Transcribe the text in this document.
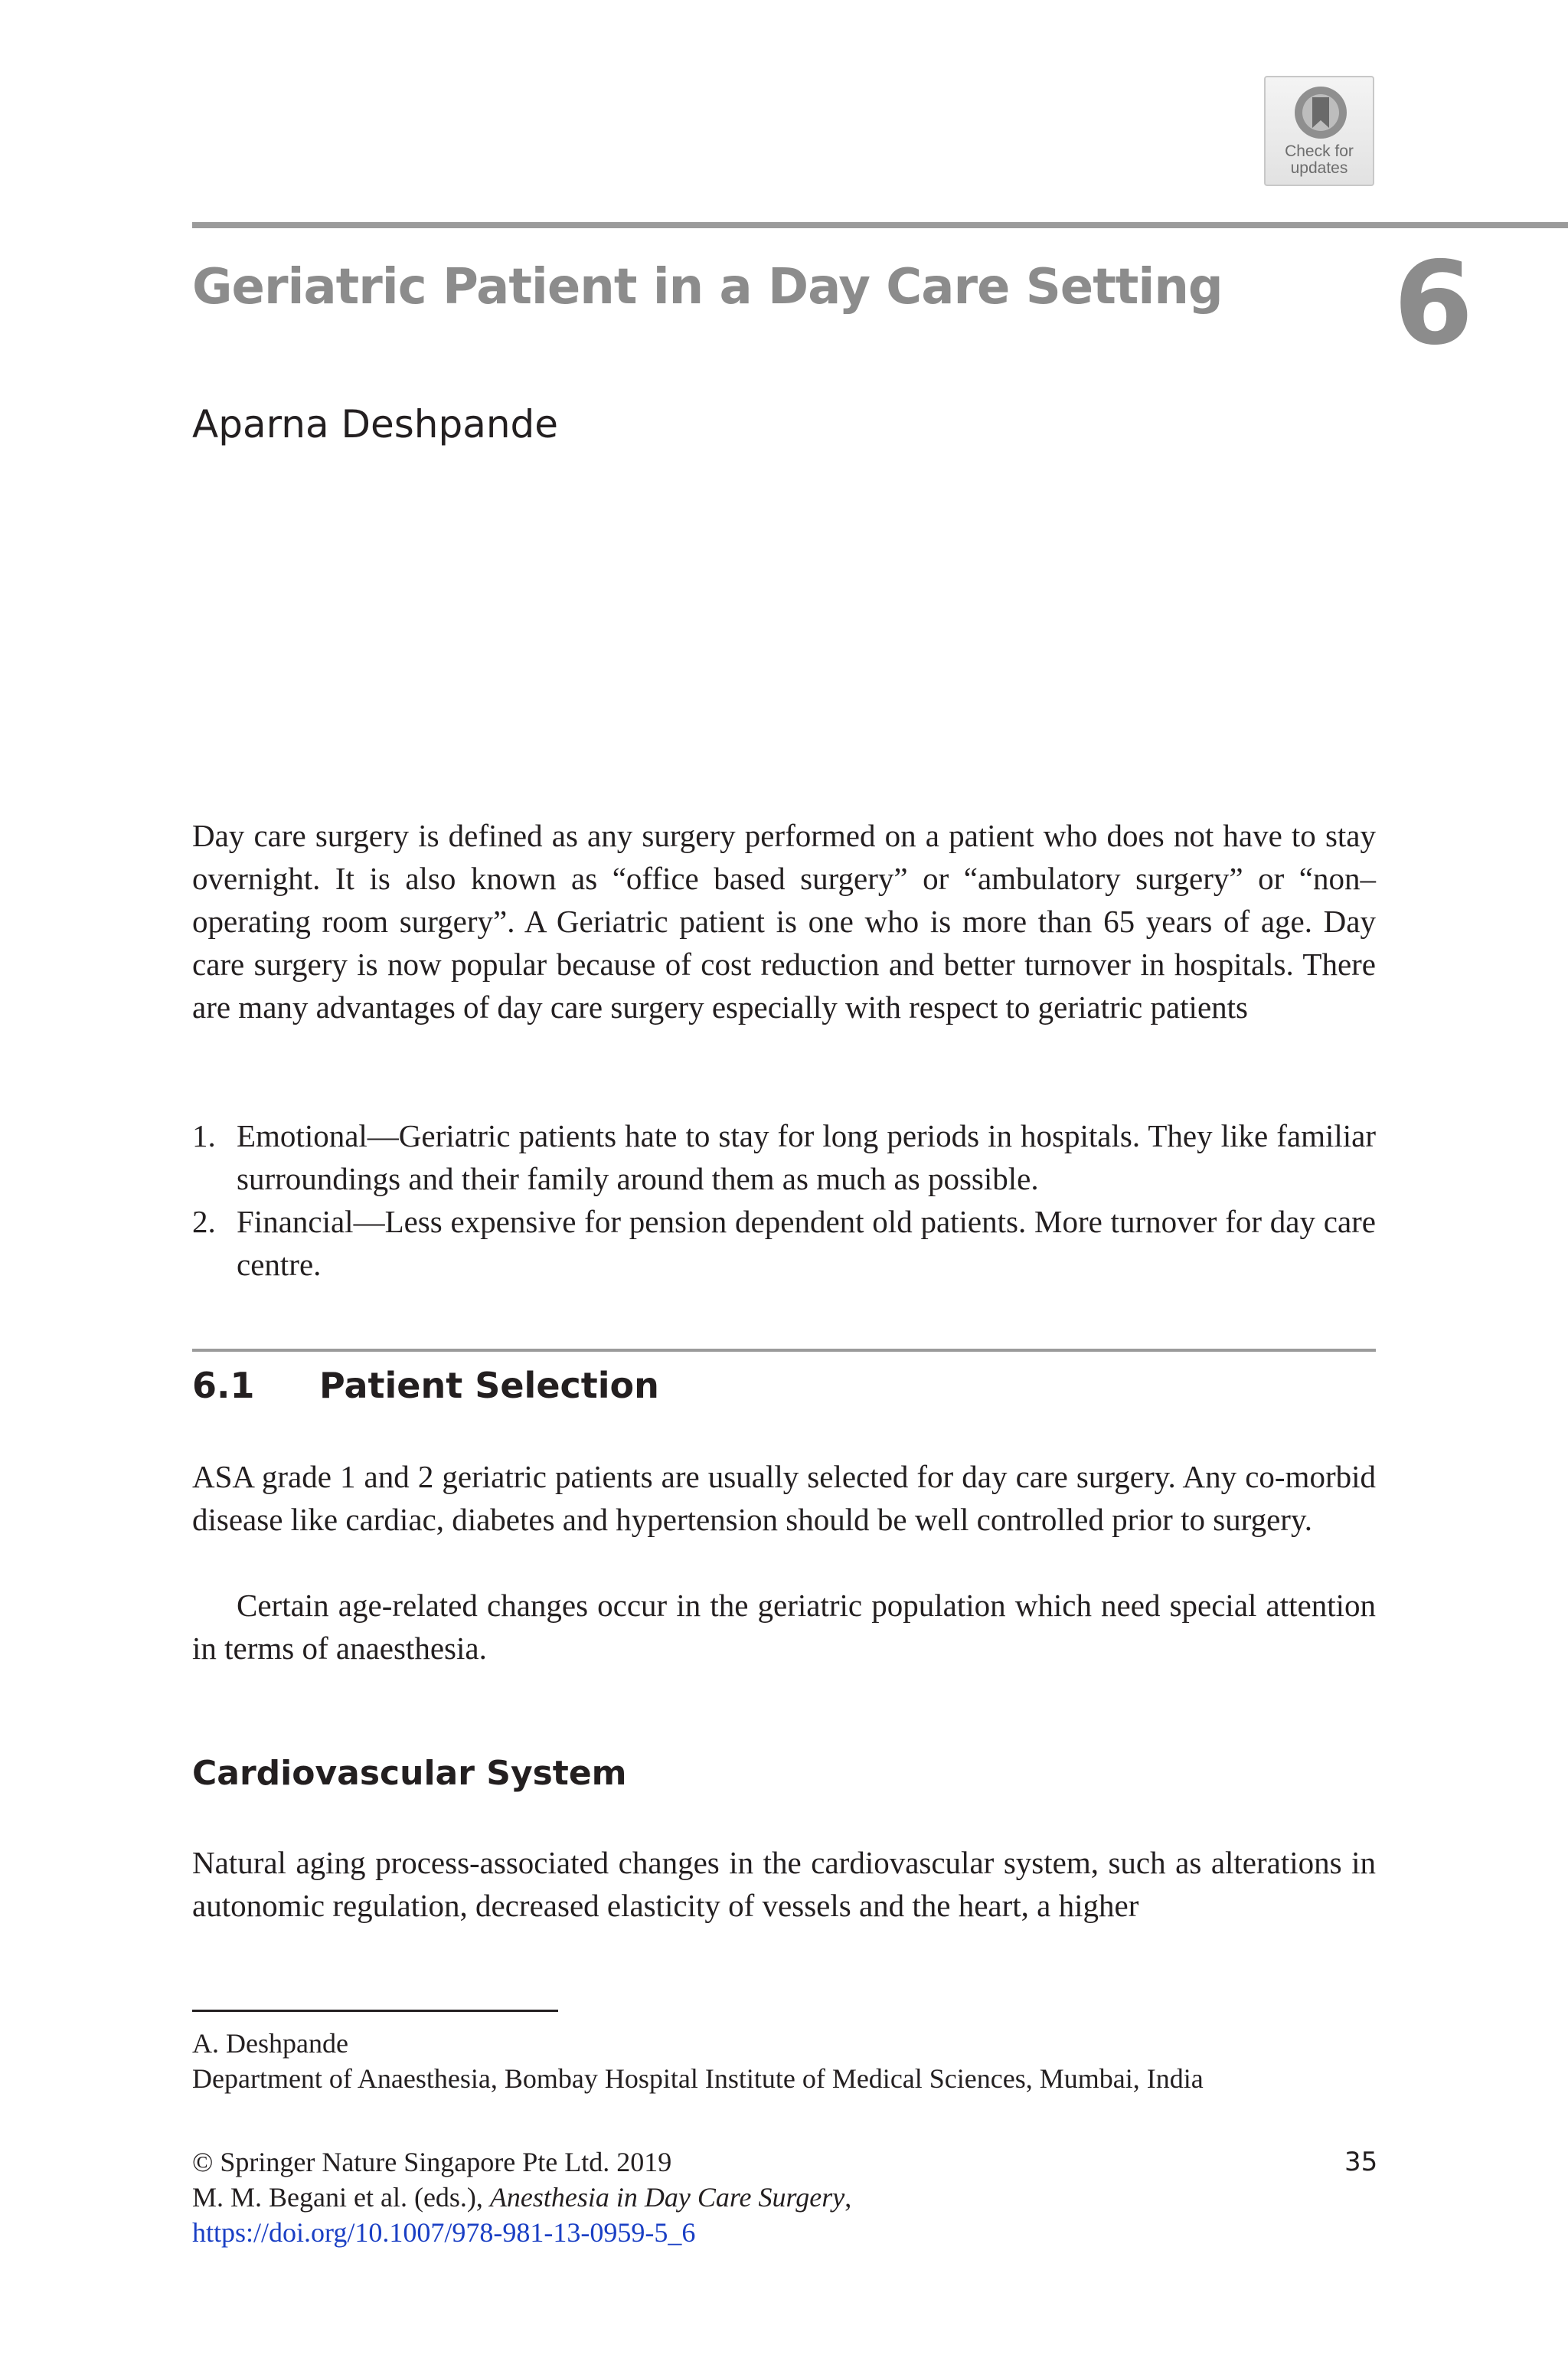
Check for
updates
Geriatric Patient in a Day Care Setting 6
Aparna Deshpande

Day care surgery is defined as any surgery performed on a patient who does not have to stay overnight. It is also known as “office based surgery” or “ambulatory surgery” or “non–operating room surgery”. A Geriatric patient is one who is more than 65 years of age. Day care surgery is now popular because of cost reduction and better turnover in hospitals. There are many advantages of day care surgery especially with respect to geriatric patients

1. Emotional—Geriatric patients hate to stay for long periods in hospitals. They like familiar surroundings and their family around them as much as possible.
2. Financial—Less expensive for pension dependent old patients. More turnover for day care centre.
6.1 Patient Selection

ASA grade 1 and 2 geriatric patients are usually selected for day care surgery. Any co-morbid disease like cardiac, diabetes and hypertension should be well controlled prior to surgery.

Certain age-related changes occur in the geriatric population which need special attention in terms of anaesthesia.

Cardiovascular System

Natural aging process-associated changes in the cardiovascular system, such as alterations in autonomic regulation, decreased elasticity of vessels and the heart, a higher

A. Deshpande

Department of Anaesthesia, Bombay Hospital Institute of Medical Sciences, Mumbai, India

© Springer Nature Singapore Pte Ltd. 2019

M. M. Begani et al. (eds.), Anesthesia in Day Care Surgery,

https://doi.org/10.1007/978-981-13-0959-5_6

35
